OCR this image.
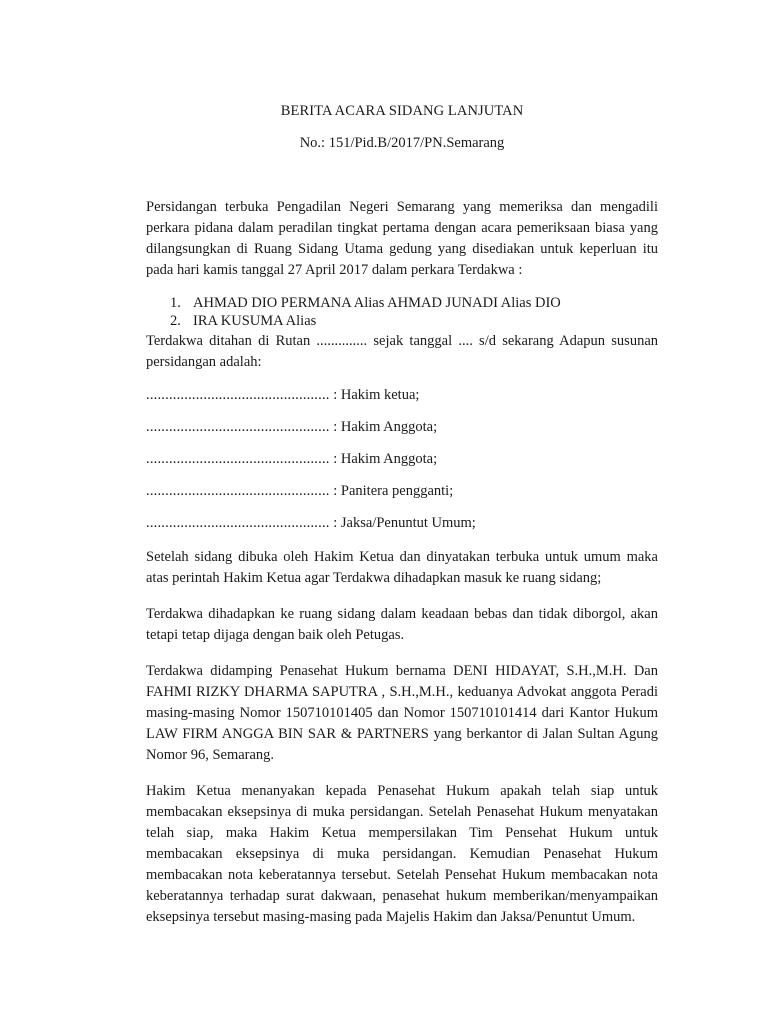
BERITA ACARA SIDANG LANJUTAN
No.: 151/Pid.B/2017/PN.Semarang

Persidangan terbuka Pengadilan Negeri Semarang yang memeriksa dan mengadili perkara pidana dalam peradilan tingkat pertama dengan acara pemeriksaan biasa yang dilangsungkan di Ruang Sidang Utama gedung yang disediakan untuk keperluan itu pada hari kamis tanggal 27 April 2017 dalam perkara Terdakwa :

1. AHMAD DIO PERMANA Alias AHMAD JUNADI Alias DIO
2. IRA KUSUMA Alias

Terdakwa ditahan di Rutan .............. sejak tanggal .... s/d sekarang Adapun susunan persidangan adalah:

................................................ : Hakim ketua;
................................................ : Hakim Anggota;
................................................ : Hakim Anggota;
................................................ : Panitera pengganti;
................................................ : Jaksa/Penuntut Umum;

Setelah sidang dibuka oleh Hakim Ketua dan dinyatakan terbuka untuk umum maka atas perintah Hakim Ketua agar Terdakwa dihadapkan masuk ke ruang sidang;

Terdakwa dihadapkan ke ruang sidang dalam keadaan bebas dan tidak diborgol, akan tetapi tetap dijaga dengan baik oleh Petugas.

Terdakwa didamping Penasehat Hukum bernama DENI HIDAYAT, S.H.,M.H. Dan FAHMI RIZKY DHARMA SAPUTRA , S.H.,M.H., keduanya Advokat anggota Peradi masing-masing Nomor 150710101405 dan Nomor 150710101414 dari Kantor Hukum LAW FIRM ANGGA BIN SAR & PARTNERS yang berkantor di Jalan Sultan Agung Nomor 96, Semarang.

Hakim Ketua menanyakan kepada Penasehat Hukum apakah telah siap untuk membacakan eksepsinya di muka persidangan. Setelah Penasehat Hukum menyatakan telah siap, maka Hakim Ketua mempersilakan Tim Pensehat Hukum untuk membacakan eksepsinya di muka persidangan. Kemudian Penasehat Hukum membacakan nota keberatannya tersebut. Setelah Pensehat Hukum membacakan nota keberatannya terhadap surat dakwaan, penasehat hukum memberikan/menyampaikan eksepsinya tersebut masing-masing pada Majelis Hakim dan Jaksa/Penuntut Umum.
